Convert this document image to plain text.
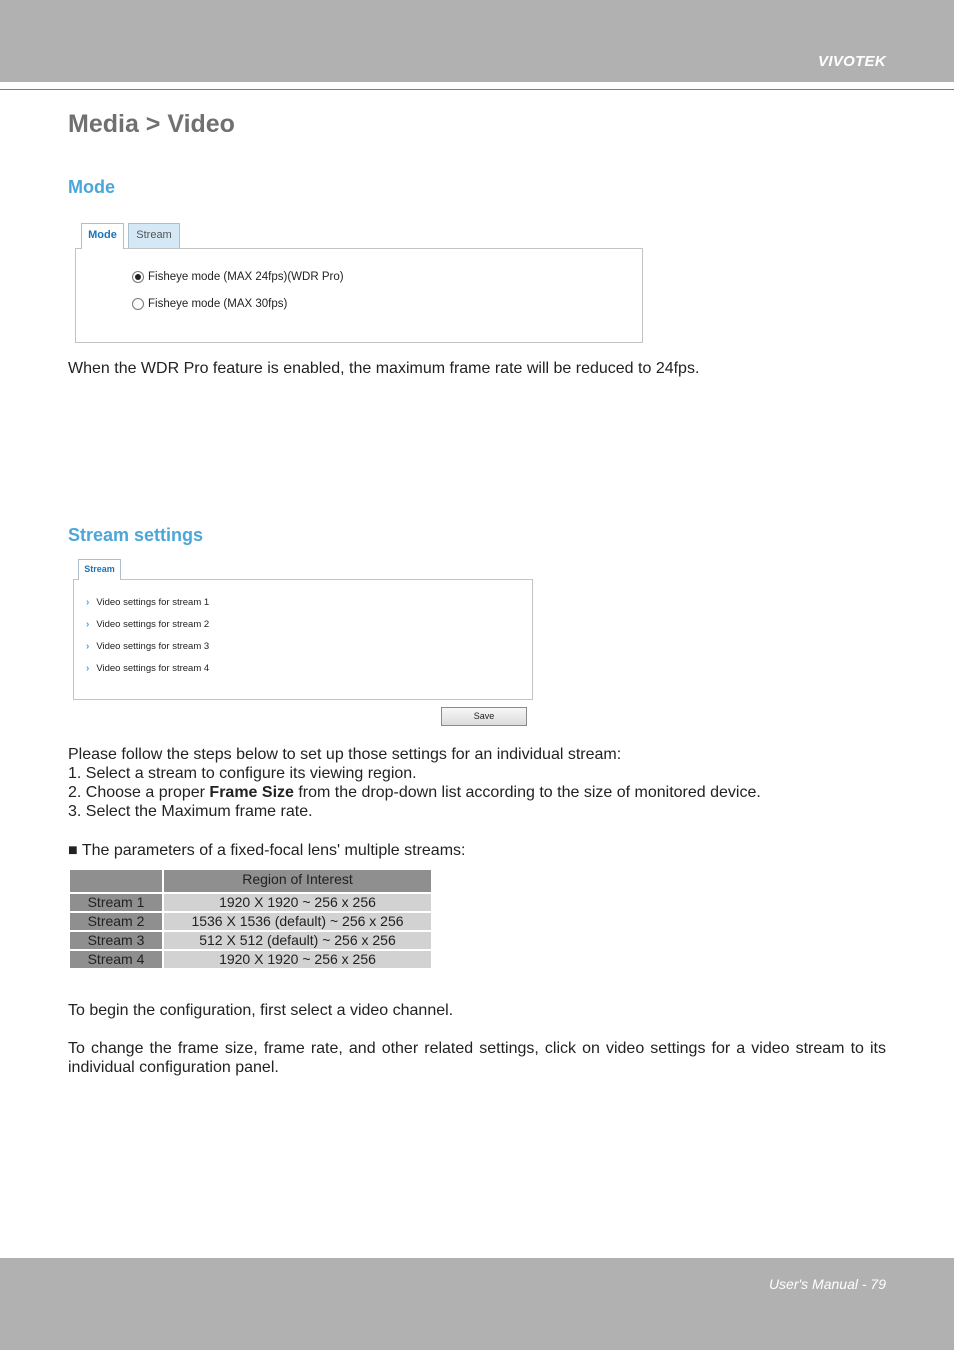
VIVOTEK
Media > Video
Mode
Mode	Stream
Fisheye mode (MAX 24fps)(WDR Pro)
Fisheye mode (MAX 30fps)

When the WDR Pro feature is enabled, the maximum frame rate will be reduced to 24fps.

Stream settings
Stream
› Video settings for stream 1
› Video settings for stream 2
› Video settings for stream 3
› Video settings for stream 4
Save

Please follow the steps below to set up those settings for an individual stream:

1. Select a stream to configure its viewing region.

2. Choose a proper Frame Size from the drop-down list according to the size of monitored device.

3. Select the Maximum frame rate.

■ The parameters of a fixed-focal lens' multiple streams:

	Region of Interest
Stream 1	1920 X 1920 ~ 256 x 256
Stream 2	1536 X 1536 (default) ~ 256 x 256
Stream 3	512 X 512 (default) ~ 256 x 256
Stream 4	1920 X 1920 ~ 256 x 256

To begin the configuration, first select a video channel.

To change the frame size, frame rate, and other related settings, click on video settings for a video stream to its individual configuration panel.

User's Manual - 79
